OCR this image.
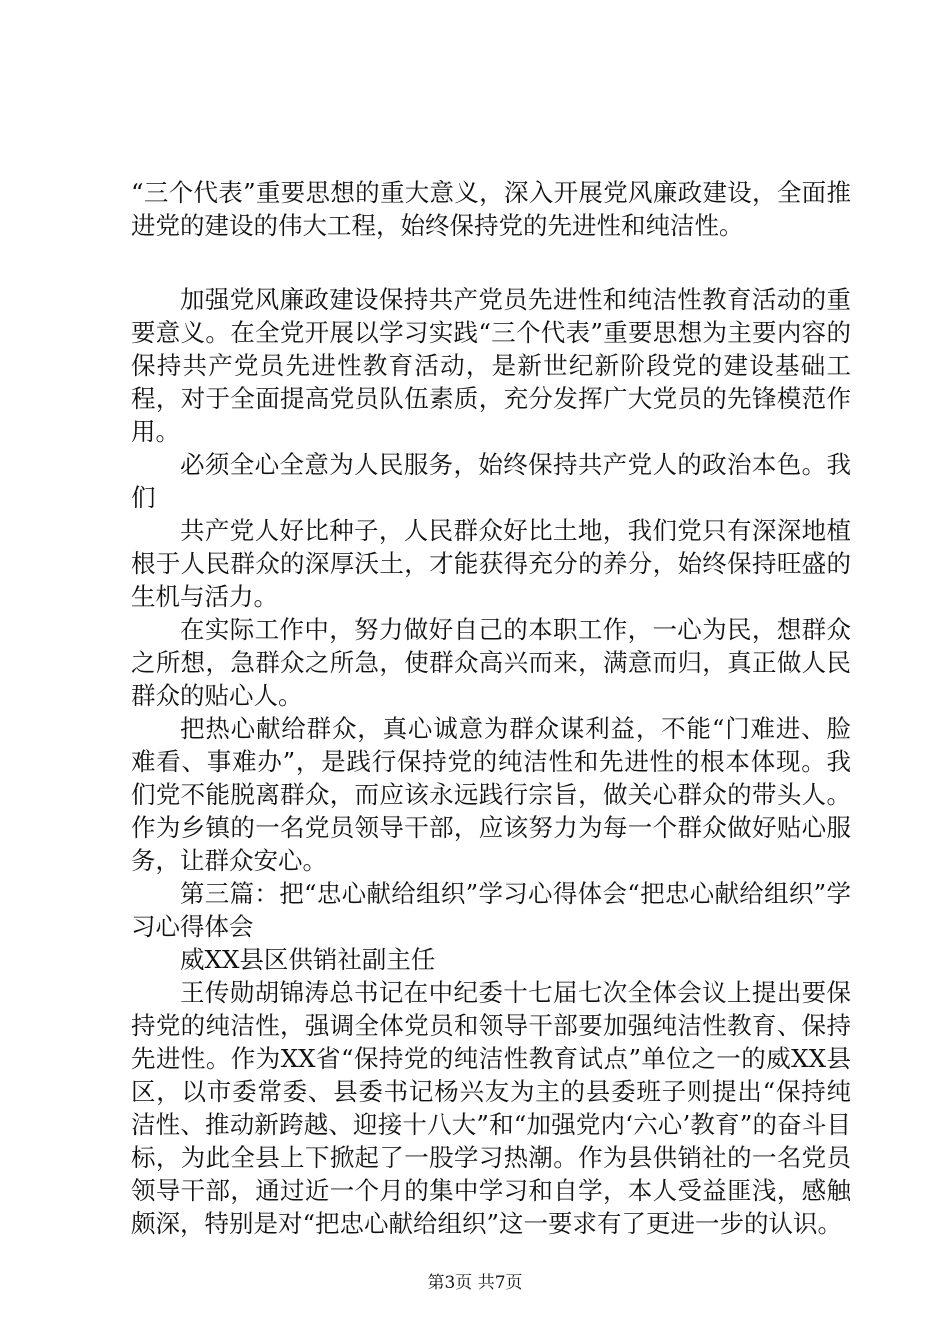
“三个代表”重要思想的重大意义，深入开展党风廉政建设，全面推进党的建设的伟大工程，始终保持党的先进性和纯洁性。

加强党风廉政建设保持共产党员先进性和纯洁性教育活动的重要意义。在全党开展以学习实践“三个代表”重要思想为主要内容的保持共产党员先进性教育活动，是新世纪新阶段党的建设基础工程，对于全面提高党员队伍素质，充分发挥广大党员的先锋模范作用。

必须全心全意为人民服务，始终保持共产党人的政治本色。我们

共产党人好比种子，人民群众好比土地，我们党只有深深地植根于人民群众的深厚沃土，才能获得充分的养分，始终保持旺盛的生机与活力。

在实际工作中，努力做好自己的本职工作，一心为民，想群众之所想，急群众之所急，使群众高兴而来，满意而归，真正做人民群众的贴心人。

把热心献给群众，真心诚意为群众谋利益，不能“门难进、脸难看、事难办”，是践行保持党的纯洁性和先进性的根本体现。我们党不能脱离群众，而应该永远践行宗旨，做关心群众的带头人。作为乡镇的一名党员领导干部，应该努力为每一个群众做好贴心服务，让群众安心。

第三篇：把“忠心献给组织”学习心得体会“把忠心献给组织”学习心得体会

威XX县区供销社副主任

王传勋胡锦涛总书记在中纪委十七届七次全体会议上提出要保持党的纯洁性，强调全体党员和领导干部要加强纯洁性教育、保持先进性。作为XX省“保持党的纯洁性教育试点”单位之一的威XX县区，以市委常委、县委书记杨兴友为主的县委班子则提出“保持纯洁性、推动新跨越、迎接十八大”和“加强党内‘六心’教育”的奋斗目标，为此全县上下掀起了一股学习热潮。作为县供销社的一名党员领导干部，通过近一个月的集中学习和自学，本人受益匪浅，感触颇深，特别是对“把忠心献给组织”这一要求有了更进一步的认识。

第3页 共7页
